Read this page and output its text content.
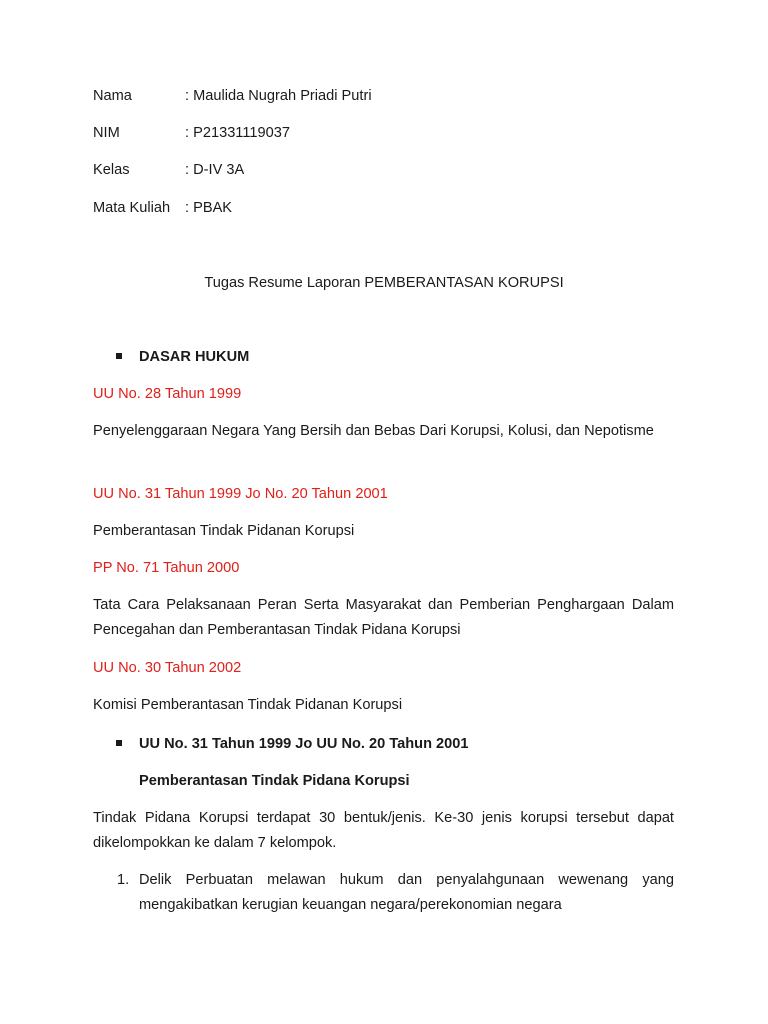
Nama	: Maulida Nugrah Priadi Putri
NIM	: P21331119037
Kelas	: D-IV 3A
Mata Kuliah : PBAK
Tugas Resume Laporan PEMBERANTASAN KORUPSI
DASAR HUKUM
UU No. 28 Tahun 1999
Penyelenggaraan Negara Yang Bersih dan Bebas Dari Korupsi, Kolusi, dan Nepotisme
UU No. 31 Tahun 1999 Jo No. 20 Tahun 2001
Pemberantasan Tindak Pidanan Korupsi
PP No. 71 Tahun 2000
Tata Cara Pelaksanaan Peran Serta Masyarakat dan Pemberian Penghargaan Dalam Pencegahan dan Pemberantasan Tindak Pidana Korupsi
UU No. 30 Tahun 2002
Komisi Pemberantasan Tindak Pidanan Korupsi
UU No. 31 Tahun 1999 Jo UU No. 20 Tahun 2001
Pemberantasan Tindak Pidana Korupsi
Tindak Pidana Korupsi terdapat 30 bentuk/jenis. Ke-30 jenis korupsi tersebut dapat dikelompokkan ke dalam 7 kelompok.
1. Delik Perbuatan melawan hukum dan penyalahgunaan wewenang yang mengakibatkan kerugian keuangan negara/perekonomian negara
